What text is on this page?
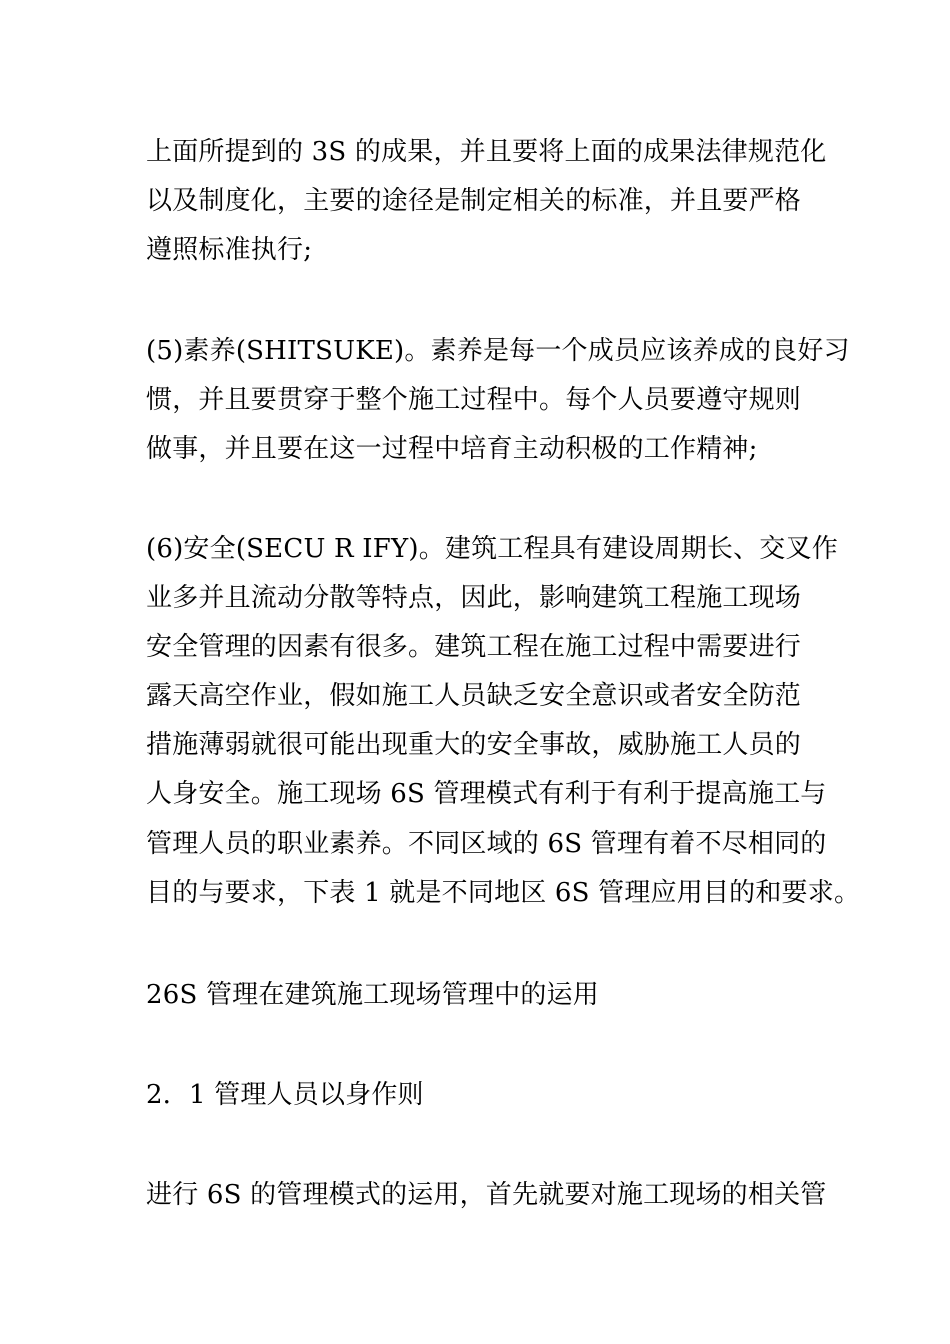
上面所提到的 3S 的成果，并且要将上面的成果法律规范化
以及制度化，主要的途径是制定相关的标准，并且要严格
遵照标准执行;
(5)素养(SHITSUKE)。素养是每一个成员应该养成的良好习
惯，并且要贯穿于整个施工过程中。每个人员要遵守规则
做事，并且要在这一过程中培育主动积极的工作精神;
(6)安全(SECU R IFY)。建筑工程具有建设周期长、交叉作
业多并且流动分散等特点，因此，影响建筑工程施工现场
安全管理的因素有很多。建筑工程在施工过程中需要进行
露天高空作业，假如施工人员缺乏安全意识或者安全防范
措施薄弱就很可能出现重大的安全事故，威胁施工人员的
人身安全。施工现场 6S 管理模式有利于有利于提高施工与
管理人员的职业素养。不同区域的 6S 管理有着不尽相同的
目的与要求，下表 1 就是不同地区 6S 管理应用目的和要求。
26S 管理在建筑施工现场管理中的运用
2．1 管理人员以身作则
进行 6S 的管理模式的运用，首先就要对施工现场的相关管
